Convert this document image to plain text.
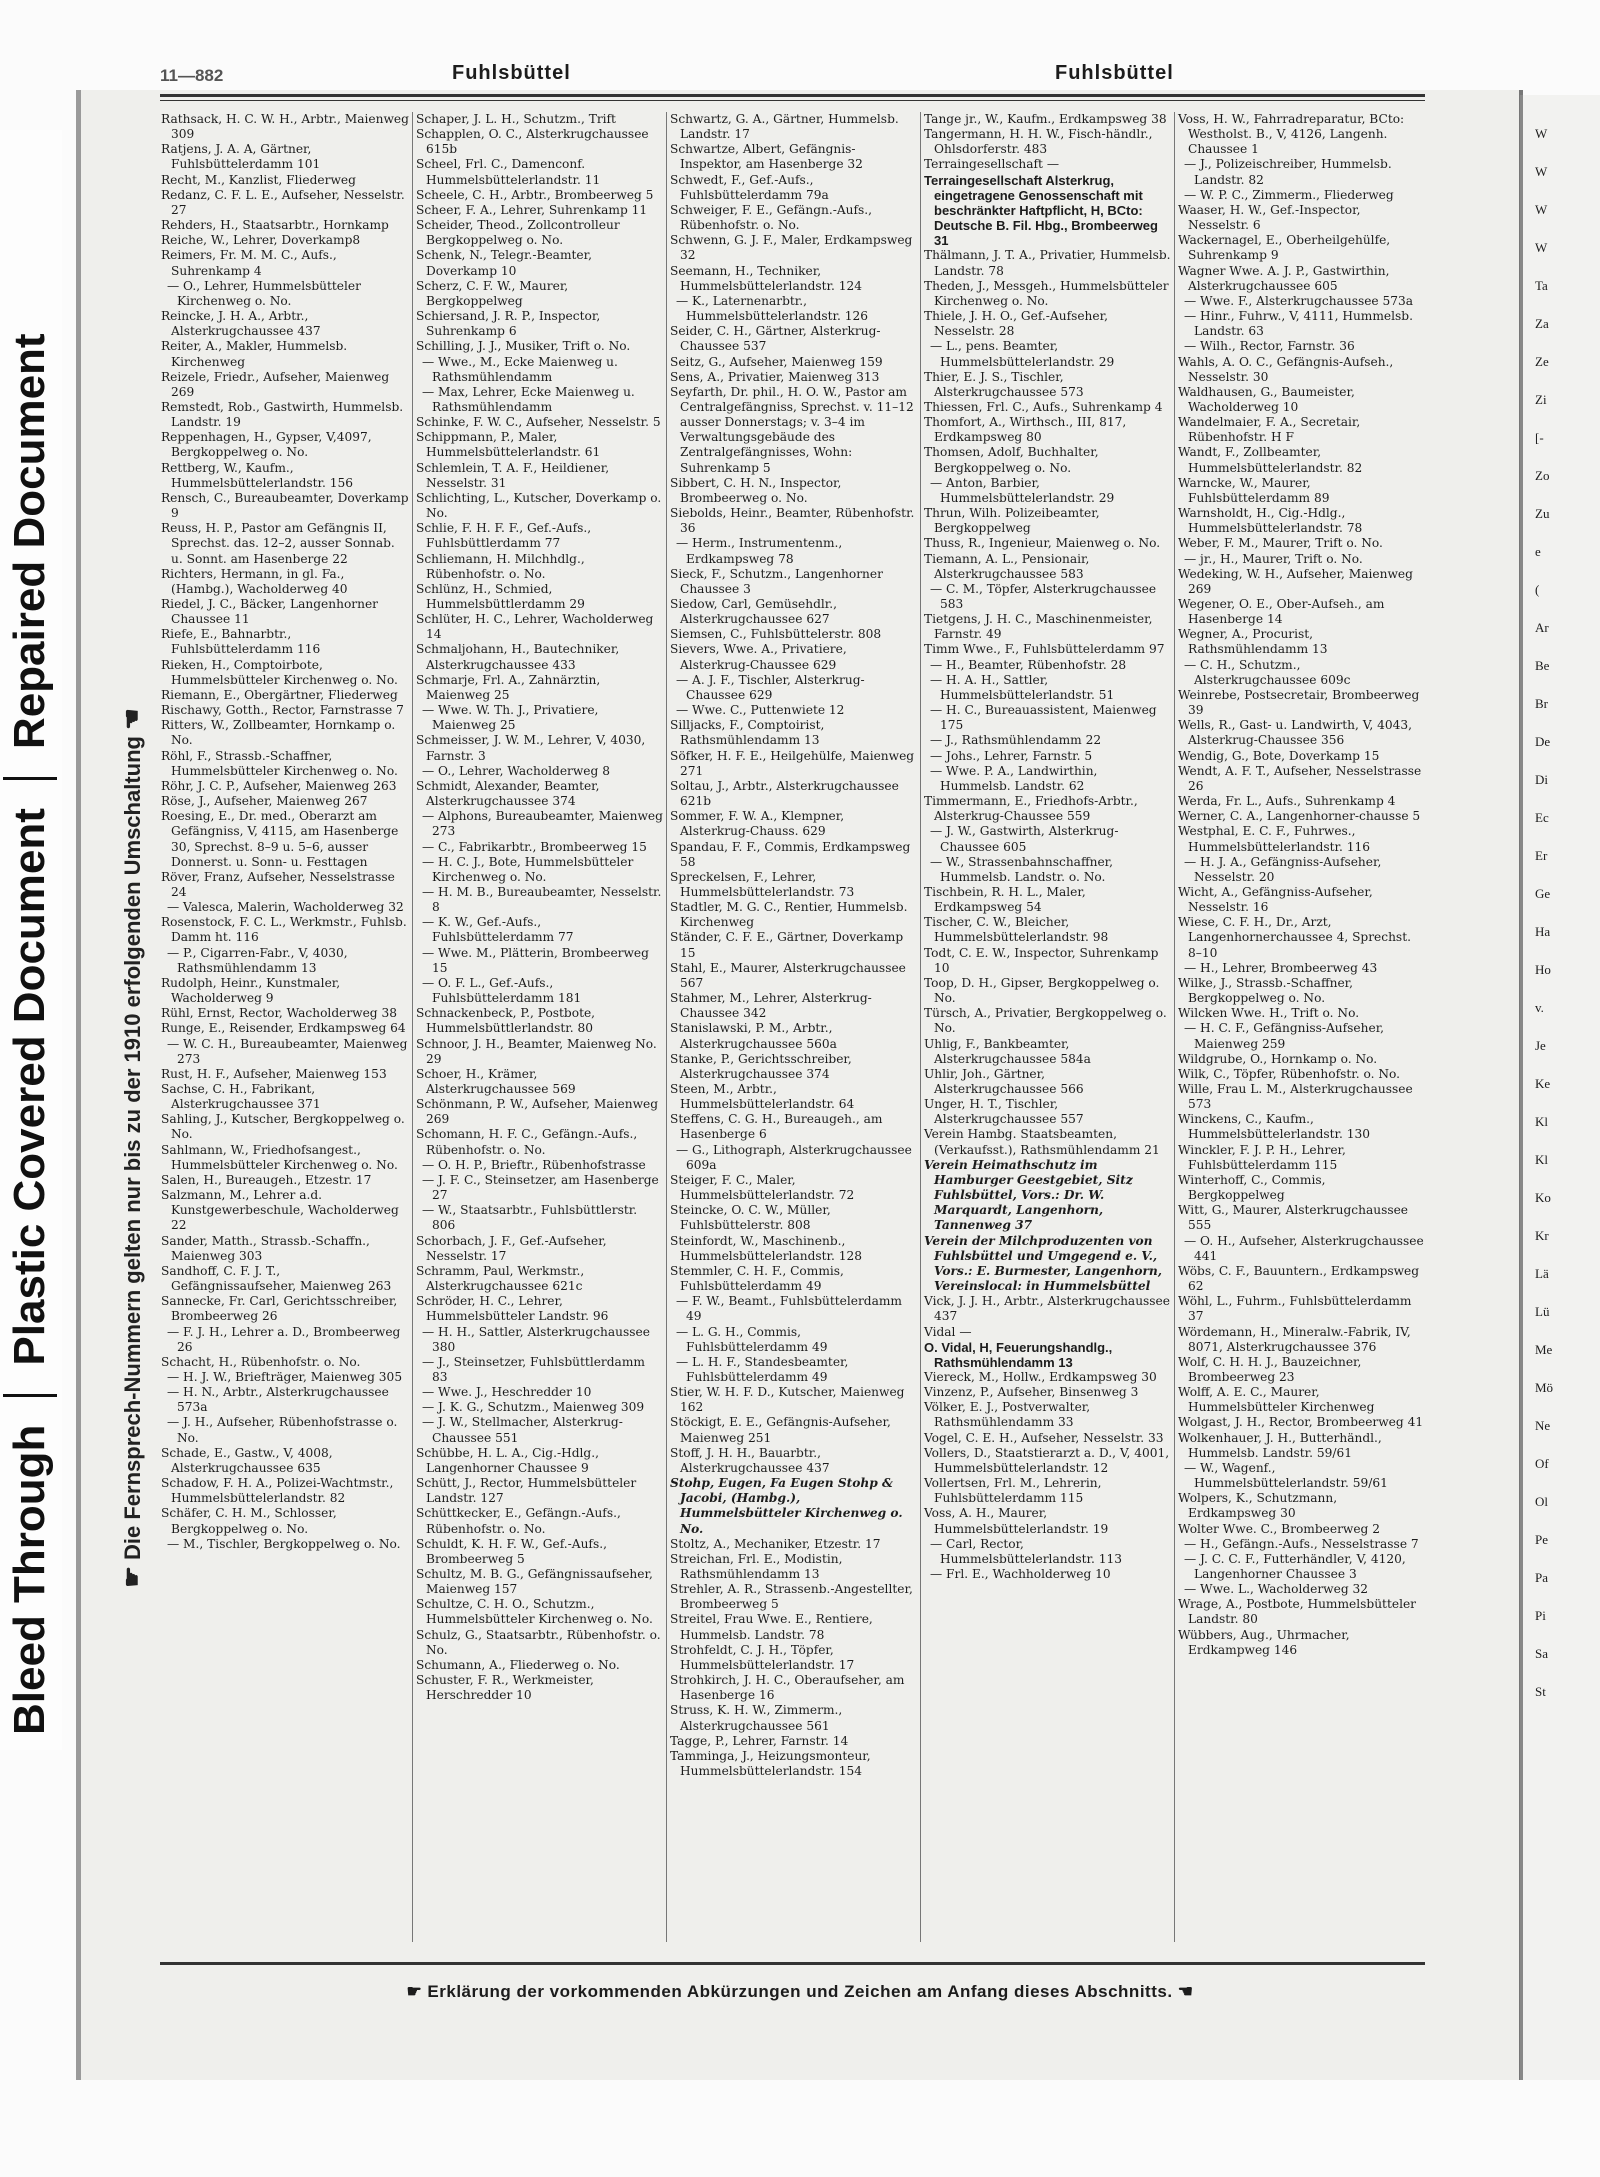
Bleed Through
Plastic Covered Document
Repaired Document
☛ Die Fernsprech-Nummern gelten nur bis zu der 1910 erfolgenden Umschaltung ☚
11—882	Fuhlsbüttel	Fuhlsbüttel

Rathsack, H. C. W. H., Arbtr., Maienweg 309

Ratjens, J. A. A, Gärtner, Fuhlsbüttelerdamm 101

Recht, M., Kanzlist, Fliederweg

Redanz, C. F. L. E., Aufseher, Nesselstr. 27

Rehders, H., Staatsarbtr., Hornkamp

Reiche, W., Lehrer, Doverkamp8

Reimers, Fr. M. M. C., Aufs., Suhrenkamp 4

— O., Lehrer, Hummelsbütteler Kirchenweg o. No.

Reincke, J. H. A., Arbtr., Alsterkrugchaussee 437

Reiter, A., Makler, Hummelsb. Kirchenweg

Reizele, Friedr., Aufseher, Maienweg 269

Remstedt, Rob., Gastwirth, Hummelsb. Landstr. 19

Reppenhagen, H., Gypser, V,4097, Bergkoppelweg o. No.

Rettberg, W., Kaufm., Hummelsbüttelerlandstr. 156

Rensch, C., Bureaubeamter, Doverkamp 9

Reuss, H. P., Pastor am Gefängnis II, Sprechst. das. 12–2, ausser Sonnab. u. Sonnt. am Hasenberge 22

Richters, Hermann, in gl. Fa., (Hambg.), Wacholderweg 40

Riedel, J. C., Bäcker, Langenhorner Chaussee 11

Riefe, E., Bahnarbtr., Fuhlsbüttelerdamm 116

Rieken, H., Comptoirbote, Hummelsbütteler Kirchenweg o. No.

Riemann, E., Obergärtner, Fliederweg

Rischawy, Gotth., Rector, Farnstrasse 7

Ritters, W., Zollbeamter, Hornkamp o. No.

Röhl, F., Strassb.-Schaffner, Hummelsbütteler Kirchenweg o. No.

Röhr, J. C. P., Aufseher, Maienweg 263

Röse, J., Aufseher, Maienweg 267

Roesing, E., Dr. med., Oberarzt am Gefängniss, V, 4115, am Hasenberge 30, Sprechst. 8–9 u. 5–6, ausser Donnerst. u. Sonn- u. Festtagen

Röver, Franz, Aufseher, Nesselstrasse 24

— Valesca, Malerin, Wacholderweg 32

Rosenstock, F. C. L., Werkmstr., Fuhlsb. Damm ht. 116

— P., Cigarren-Fabr., V, 4030, Rathsmühlendamm 13

Rudolph, Heinr., Kunstmaler, Wacholderweg 9

Rühl, Ernst, Rector, Wacholderweg 38

Runge, E., Reisender, Erdkampsweg 64

— W. C. H., Bureaubeamter, Maienweg 273

Rust, H. F., Aufseher, Maienweg 153

Sachse, C. H., Fabrikant, Alsterkrugchaussee 371

Sahling, J., Kutscher, Bergkoppelweg o. No.

Sahlmann, W., Friedhofsangest., Hummelsbütteler Kirchenweg o. No.

Salen, H., Bureaugeh., Etzestr. 17

Salzmann, M., Lehrer a.d. Kunstgewerbeschule, Wacholderweg 22

Sander, Matth., Strassb.-Schaffn., Maienweg 303

Sandhoff, C. F. J. T., Gefängnissaufseher, Maienweg 263

Sannecke, Fr. Carl, Gerichtsschreiber, Brombeerweg 26

— F. J. H., Lehrer a. D., Brombeerweg 26

Schacht, H., Rübenhofstr. o. No.

— H. J. W., Briefträger, Maienweg 305

— H. N., Arbtr., Alsterkrugchaussee 573a

— J. H., Aufseher, Rübenhofstrasse o. No.

Schade, E., Gastw., V, 4008, Alsterkrugchaussee 635

Schadow, F. H. A., Polizei-Wachtmstr., Hummelsbüttelerlandstr. 82

Schäfer, C. H. M., Schlosser, Bergkoppelweg o. No.

— M., Tischler, Bergkoppelweg o. No.

Schaper, J. L. H., Schutzm., Trift

Schapplen, O. C., Alsterkrugchaussee 615b

Scheel, Frl. C., Damenconf. Hummelsbüttelerlandstr. 11

Scheele, C. H., Arbtr., Brombeerweg 5

Scheer, F. A., Lehrer, Suhrenkamp 11

Scheider, Theod., Zollcontrolleur Bergkoppelweg o. No.

Schenk, N., Telegr.-Beamter, Doverkamp 10

Scherz, C. F. W., Maurer, Bergkoppelweg

Schiersand, J. R. P., Inspector, Suhrenkamp 6

Schilling, J. J., Musiker, Trift o. No.

— Wwe., M., Ecke Maienweg u. Rathsmühlendamm

— Max, Lehrer, Ecke Maienweg u. Rathsmühlendamm

Schinke, F. W. C., Aufseher, Nesselstr. 5

Schippmann, P., Maler, Hummelsbüttelerlandstr. 61

Schlemlein, T. A. F., Heildiener, Nesselstr. 31

Schlichting, L., Kutscher, Doverkamp o. No.

Schlie, F. H. F. F., Gef.-Aufs., Fuhlsbüttlerdamm 77

Schliemann, H. Milchhdlg., Rübenhofstr. o. No.

Schlünz, H., Schmied, Hummelsbüttlerdamm 29

Schlüter, H. C., Lehrer, Wacholderweg 14

Schmaljohann, H., Bautechniker, Alsterkrugchaussee 433

Schmarje, Frl. A., Zahnärztin, Maienweg 25

— Wwe. W. Th. J., Privatiere, Maienweg 25

Schmeisser, J. W. M., Lehrer, V, 4030, Farnstr. 3

— O., Lehrer, Wacholderweg 8

Schmidt, Alexander, Beamter, Alsterkrugchaussee 374

— Alphons, Bureaubeamter, Maienweg 273

— C., Fabrikarbtr., Brombeerweg 15

— H. C. J., Bote, Hummelsbütteler Kirchenweg o. No.

— H. M. B., Bureaubeamter, Nesselstr. 8

— K. W., Gef.-Aufs., Fuhlsbüttelerdamm 77

— Wwe. M., Plätterin, Brombeerweg 15

— O. F. L., Gef.-Aufs., Fuhlsbüttelerdamm 181

Schnackenbeck, P., Postbote, Hummelsbüttlerlandstr. 80

Schnoor, J. H., Beamter, Maienweg No. 29

Schoer, H., Krämer, Alsterkrugchaussee 569

Schönmann, P. W., Aufseher, Maienweg 269

Schomann, H. F. C., Gefängn.-Aufs., Rübenhofstr. o. No.

— O. H. P., Brieftr., Rübenhofstrasse

— J. F. C., Steinsetzer, am Hasenberge 27

— W., Staatsarbtr., Fuhlsbüttlerstr. 806

Schorbach, J. F., Gef.-Aufseher, Nesselstr. 17

Schramm, Paul, Werkmstr., Alsterkrugchaussee 621c

Schröder, H. C., Lehrer, Hummelsbütteler Landstr. 96

— H. H., Sattler, Alsterkrugchaussee 380

— J., Steinsetzer, Fuhlsbüttlerdamm 83

— Wwe. J., Heschredder 10

— J. K. G., Schutzm., Maienweg 309

— J. W., Stellmacher, Alsterkrug-Chaussee 551

Schübbe, H. L. A., Cig.-Hdlg., Langenhorner Chaussee 9

Schütt, J., Rector, Hummelsbütteler Landstr. 127

Schüttkecker, E., Gefängn.-Aufs., Rübenhofstr. o. No.

Schuldt, K. H. F. W., Gef.-Aufs., Brombeerweg 5

Schultz, M. B. G., Gefängnissaufseher, Maienweg 157

Schultze, C. H. O., Schutzm., Hummelsbütteler Kirchenweg o. No.

Schulz, G., Staatsarbtr., Rübenhofstr. o. No.

Schumann, A., Fliederweg o. No.

Schuster, F. R., Werkmeister, Herschredder 10

Schwartz, G. A., Gärtner, Hummelsb. Landstr. 17

Schwartze, Albert, Gefängnis-Inspektor, am Hasenberge 32

Schwedt, F., Gef.-Aufs., Fuhlsbüttelerdamm 79a

Schweiger, F. E., Gefängn.-Aufs., Rübenhofstr. o. No.

Schwenn, G. J. F., Maler, Erdkampsweg 32

Seemann, H., Techniker, Hummelsbüttelerlandstr. 124

— K., Laternenarbtr., Hummelsbüttelerlandstr. 126

Seider, C. H., Gärtner, Alsterkrug-Chaussee 537

Seitz, G., Aufseher, Maienweg 159

Sens, A., Privatier, Maienweg 313

Seyfarth, Dr. phil., H. O. W., Pastor am Centralgefängniss, Sprechst. v. 11–12 ausser Donnerstags; v. 3–4 im Verwaltungsgebäude des Zentralgefängnisses, Wohn: Suhrenkamp 5

Sibbert, C. H. N., Inspector, Brombeerweg o. No.

Siebolds, Heinr., Beamter, Rübenhofstr. 36

— Herm., Instrumentenm., Erdkampsweg 78

Sieck, F., Schutzm., Langenhorner Chaussee 3

Siedow, Carl, Gemüsehdlr., Alsterkrugchaussee 627

Siemsen, C., Fuhlsbüttelerstr. 808

Sievers, Wwe. A., Privatiere, Alsterkrug-Chaussee 629

— A. J. F., Tischler, Alsterkrug-Chaussee 629

— Wwe. C., Puttenwiete 12

Silljacks, F., Comptoirist, Rathsmühlendamm 13

Söfker, H. F. E., Heilgehülfe, Maienweg 271

Soltau, J., Arbtr., Alsterkrugchaussee 621b

Sommer, F. W. A., Klempner, Alsterkrug-Chauss. 629

Spandau, F. F., Commis, Erdkampsweg 58

Spreckelsen, F., Lehrer, Hummelsbüttelerlandstr. 73

Stadtler, M. G. C., Rentier, Hummelsb. Kirchenweg

Ständer, C. F. E., Gärtner, Doverkamp 15

Stahl, E., Maurer, Alsterkrugchaussee 567

Stahmer, M., Lehrer, Alsterkrug-Chaussee 342

Stanislawski, P. M., Arbtr., Alsterkrugchaussee 560a

Stanke, P., Gerichtsschreiber, Alsterkrugchaussee 374

Steen, M., Arbtr., Hummelsbüttelerlandstr. 64

Steffens, C. G. H., Bureaugeh., am Hasenberge 6

— G., Lithograph, Alsterkrugchaussee 609a

Steiger, F. C., Maler, Hummelsbüttelerlandstr. 72

Steincke, O. C. W., Müller, Fuhlsbüttelerstr. 808

Steinfordt, W., Maschinenb., Hummelsbüttelerlandstr. 128

Stemmler, C. H. F., Commis, Fuhlsbüttelerdamm 49

— F. W., Beamt., Fuhlsbüttelerdamm 49

— L. G. H., Commis, Fuhlsbüttelerdamm 49

— L. H. F., Standesbeamter, Fuhlsbüttelerdamm 49

Stier, W. H. F. D., Kutscher, Maienweg 162

Stöckigt, E. E., Gefängnis-Aufseher, Maienweg 251

Stoff, J. H. H., Bauarbtr., Alsterkrugchaussee 437

Stohp, Eugen, Fa Eugen Stohp & Jacobi, (Hambg.), Hummelsbütteler Kirchenweg o. No.

Stoltz, A., Mechaniker, Etzestr. 17

Streichan, Frl. E., Modistin, Rathsmühlendamm 13

Strehler, A. R., Strassenb.-Angestellter, Brombeerweg 5

Streitel, Frau Wwe. E., Rentiere, Hummelsb. Landstr. 78

Strohfeldt, C. J. H., Töpfer, Hummelsbüttelerlandstr. 17

Strohkirch, J. H. C., Oberaufseher, am Hasenberge 16

Struss, K. H. W., Zimmerm., Alsterkrugchaussee 561

Tagge, P., Lehrer, Farnstr. 14

Tamminga, J., Heizungsmonteur, Hummelsbüttelerlandstr. 154

Tange jr., W., Kaufm., Erdkampsweg 38

Tangermann, H. H. W., Fisch-händlr., Ohlsdorferstr. 483

Terraingesellschaft —

Terraingesellschaft Alsterkrug, eingetragene Genossenschaft mit beschränkter Haftpflicht, H, BCto: Deutsche B. Fil. Hbg., Brombeerweg 31

Thälmann, J. T. A., Privatier, Hummelsb. Landstr. 78

Theden, J., Messgeh., Hummelsbütteler Kirchenweg o. No.

Thiele, J. H. O., Gef.-Aufseher, Nesselstr. 28

— L., pens. Beamter, Hummelsbüttelerlandstr. 29

Thier, E. J. S., Tischler, Alsterkrugchaussee 573

Thiessen, Frl. C., Aufs., Suhrenkamp 4

Thomfort, A., Wirthsch., III, 817, Erdkampsweg 80

Thomsen, Adolf, Buchhalter, Bergkoppelweg o. No.

— Anton, Barbier, Hummelsbüttelerlandstr. 29

Thrun, Wilh. Polizeibeamter, Bergkoppelweg

Thuss, R., Ingenieur, Maienweg o. No.

Tiemann, A. L., Pensionair, Alsterkrugchaussee 583

— C. M., Töpfer, Alsterkrugchaussee 583

Tietgens, J. H. C., Maschinenmeister, Farnstr. 49

Timm Wwe., F., Fuhlsbüttelerdamm 97

— H., Beamter, Rübenhofstr. 28

— H. A. H., Sattler, Hummelsbüttelerlandstr. 51

— H. C., Bureauassistent, Maienweg 175

— J., Rathsmühlendamm 22

— Johs., Lehrer, Farnstr. 5

— Wwe. P. A., Landwirthin, Hummelsb. Landstr. 62

Timmermann, E., Friedhofs-Arbtr., Alsterkrug-Chaussee 559

— J. W., Gastwirth, Alsterkrug-Chaussee 605

— W., Strassenbahnschaffner, Hummelsb. Landstr. o. No.

Tischbein, R. H. L., Maler, Erdkampsweg 54

Tischer, C. W., Bleicher, Hummelsbüttelerlandstr. 98

Todt, C. E. W., Inspector, Suhrenkamp 10

Toop, D. H., Gipser, Bergkoppelweg o. No.

Türsch, A., Privatier, Bergkoppelweg o. No.

Uhlig, F., Bankbeamter, Alsterkrugchaussee 584a

Uhlir, Joh., Gärtner, Alsterkrugchaussee 566

Unger, H. T., Tischler, Alsterkrugchaussee 557

Verein Hambg. Staatsbeamten, (Verkaufsst.), Rathsmühlendamm 21

Verein Heimathschutz im Hamburger Geestgebiet, Sitz Fuhlsbüttel, Vors.: Dr. W. Marquardt, Langenhorn, Tannenweg 37

Verein der Milchproduzenten von Fuhlsbüttel und Umgegend e. V., Vors.: E. Burmester, Langenhorn, Vereinslocal: in Hummelsbüttel

Vick, J. J. H., Arbtr., Alsterkrugchaussee 437

Vidal —

O. Vidal, H, Feuerungshandlg., Rathsmühlendamm 13

Viereck, M., Hollw., Erdkampsweg 30

Vinzenz, P., Aufseher, Binsenweg 3

Völker, E. J., Postverwalter, Rathsmühlendamm 33

Vogel, C. E. H., Aufseher, Nesselstr. 33

Vollers, D., Staatstierarzt a. D., V, 4001, Hummelsbüttelerlandstr. 12

Vollertsen, Frl. M., Lehrerin, Fuhlsbüttelerdamm 115

Voss, A. H., Maurer, Hummelsbüttelerlandstr. 19

— Carl, Rector, Hummelsbüttelerlandstr. 113

— Frl. E., Wachholderweg 10

Voss, H. W., Fahrradreparatur, BCto: Westholst. B., V, 4126, Langenh. Chaussee 1

— J., Polizeischreiber, Hummelsb. Landstr. 82

— W. P. C., Zimmerm., Fliederweg

Waaser, H. W., Gef.-Inspector, Nesselstr. 6

Wackernagel, E., Oberheilgehülfe, Suhrenkamp 9

Wagner Wwe. A. J. P., Gastwirthin, Alsterkrugchaussee 605

— Wwe. F., Alsterkrugchaussee 573a

— Hinr., Fuhrw., V, 4111, Hummelsb. Landstr. 63

— Wilh., Rector, Farnstr. 36

Wahls, A. O. C., Gefängnis-Aufseh., Nesselstr. 30

Waldhausen, G., Baumeister, Wacholderweg 10

Wandelmaier, F. A., Secretair, Rübenhofstr. H F

Wandt, F., Zollbeamter, Hummelsbüttelerlandstr. 82

Warncke, W., Maurer, Fuhlsbüttelerdamm 89

Warnsholdt, H., Cig.-Hdlg., Hummelsbüttelerlandstr. 78

Weber, F. M., Maurer, Trift o. No.

— jr., H., Maurer, Trift o. No.

Wedeking, W. H., Aufseher, Maienweg 269

Wegener, O. E., Ober-Aufseh., am Hasenberge 14

Wegner, A., Procurist, Rathsmühlendamm 13

— C. H., Schutzm., Alsterkrugchaussee 609c

Weinrebe, Postsecretair, Brombeerweg 39

Wells, R., Gast- u. Landwirth, V, 4043, Alsterkrug-Chaussee 356

Wendig, G., Bote, Doverkamp 15

Wendt, A. F. T., Aufseher, Nesselstrasse 26

Werda, Fr. L., Aufs., Suhrenkamp 4

Werner, C. A., Langenhorner-chausse 5

Westphal, E. C. F., Fuhrwes., Hummelsbüttelerlandstr. 116

— H. J. A., Gefängniss-Aufseher, Nesselstr. 20

Wicht, A., Gefängniss-Aufseher, Nesselstr. 16

Wiese, C. F. H., Dr., Arzt, Langenhornerchaussee 4, Sprechst. 8–10

— H., Lehrer, Brombeerweg 43

Wilke, J., Strassb.-Schaffner, Bergkoppelweg o. No.

Wilcken Wwe. H., Trift o. No.

— H. C. F., Gefängniss-Aufseher, Maienweg 259

Wildgrube, O., Hornkamp o. No.

Wilk, C., Töpfer, Rübenhofstr. o. No.

Wille, Frau L. M., Alsterkrugchaussee 573

Winckens, C., Kaufm., Hummelsbüttelerlandstr. 130

Winckler, F. J. P. H., Lehrer, Fuhlsbüttelerdamm 115

Winterhoff, C., Commis, Bergkoppelweg

Witt, G., Maurer, Alsterkrugchaussee 555

— O. H., Aufseher, Alsterkrugchaussee 441

Wöbs, C. F., Bauuntern., Erdkampsweg 62

Wöhl, L., Fuhrm., Fuhlsbüttelerdamm 37

Wördemann, H., Mineralw.-Fabrik, IV, 8071, Alsterkrugchaussee 376

Wolf, C. H. H. J., Bauzeichner, Brombeerweg 23

Wolff, A. E. C., Maurer, Hummelsbütteler Kirchenweg

Wolgast, J. H., Rector, Brombeerweg 41

Wolkenhauer, J. H., Butterhändl., Hummelsb. Landstr. 59/61

— W., Wagenf., Hummelsbüttelerlandstr. 59/61

Wolpers, K., Schutzmann, Erdkampsweg 30

Wolter Wwe. C., Brombeerweg 2

— H., Gefängn.-Aufs., Nesselstrasse 7

— J. C. C. F., Futterhändler, V, 4120, Langenhorner Chaussee 3

— Wwe. L., Wacholderweg 32

Wrage, A., Postbote, Hummelsbütteler Landstr. 80

Wübbers, Aug., Uhrmacher, Erdkampweg 146

☛ Erklärung der vorkommenden Abkürzungen und Zeichen am Anfang dieses Abschnitts. ☚
W
W
W
W
Ta
Za
Ze
Zi
[-
Zo
Zu
e
(
Ar
Be
Br
De
Di
Ec
Er
Ge
Ha
Ho
v.
Je
Ke
Kl
Kl
Ko
Kr
Lä
Lü
Me
Mö
Ne
Of
Ol
Pe
Pa
Pi
Sa
St
